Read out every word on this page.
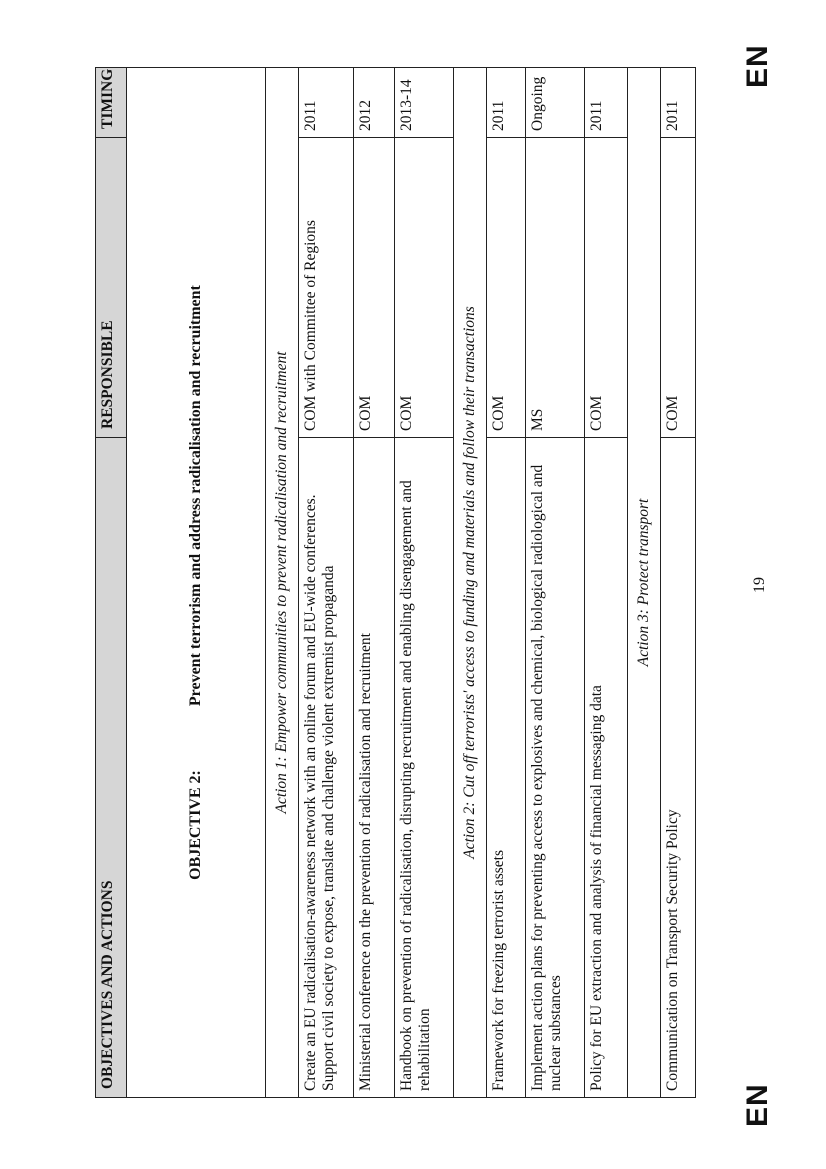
EN
EN
19
OBJECTIVES AND ACTIONS	RESPONSIBLE	TIMING
OBJECTIVE 2: Prevent terrorism and address radicalisation and recruitment		
Action 1: Empower communities to prevent radicalisation and recruitment		
Create an EU radicalisation-awareness network with an online forum and EU-wide conferences. Support civil society to expose, translate and challenge violent extremist propaganda	COM with Committee of Regions	2011
Ministerial conference on the prevention of radicalisation and recruitment	COM	2012
Handbook on prevention of radicalisation, disrupting recruitment and enabling disengagement and rehabilitation	COM	2013-14
Action 2: Cut off terrorists' access to funding and materials and follow their transactions		
Framework for freezing terrorist assets	COM	2011
Implement action plans for preventing access to explosives and chemical, biological radiological and nuclear substances	MS	Ongoing
Policy for EU extraction and analysis of financial messaging data	COM	2011
Action 3: Protect transport		
Communication on Transport Security Policy	COM	2011
